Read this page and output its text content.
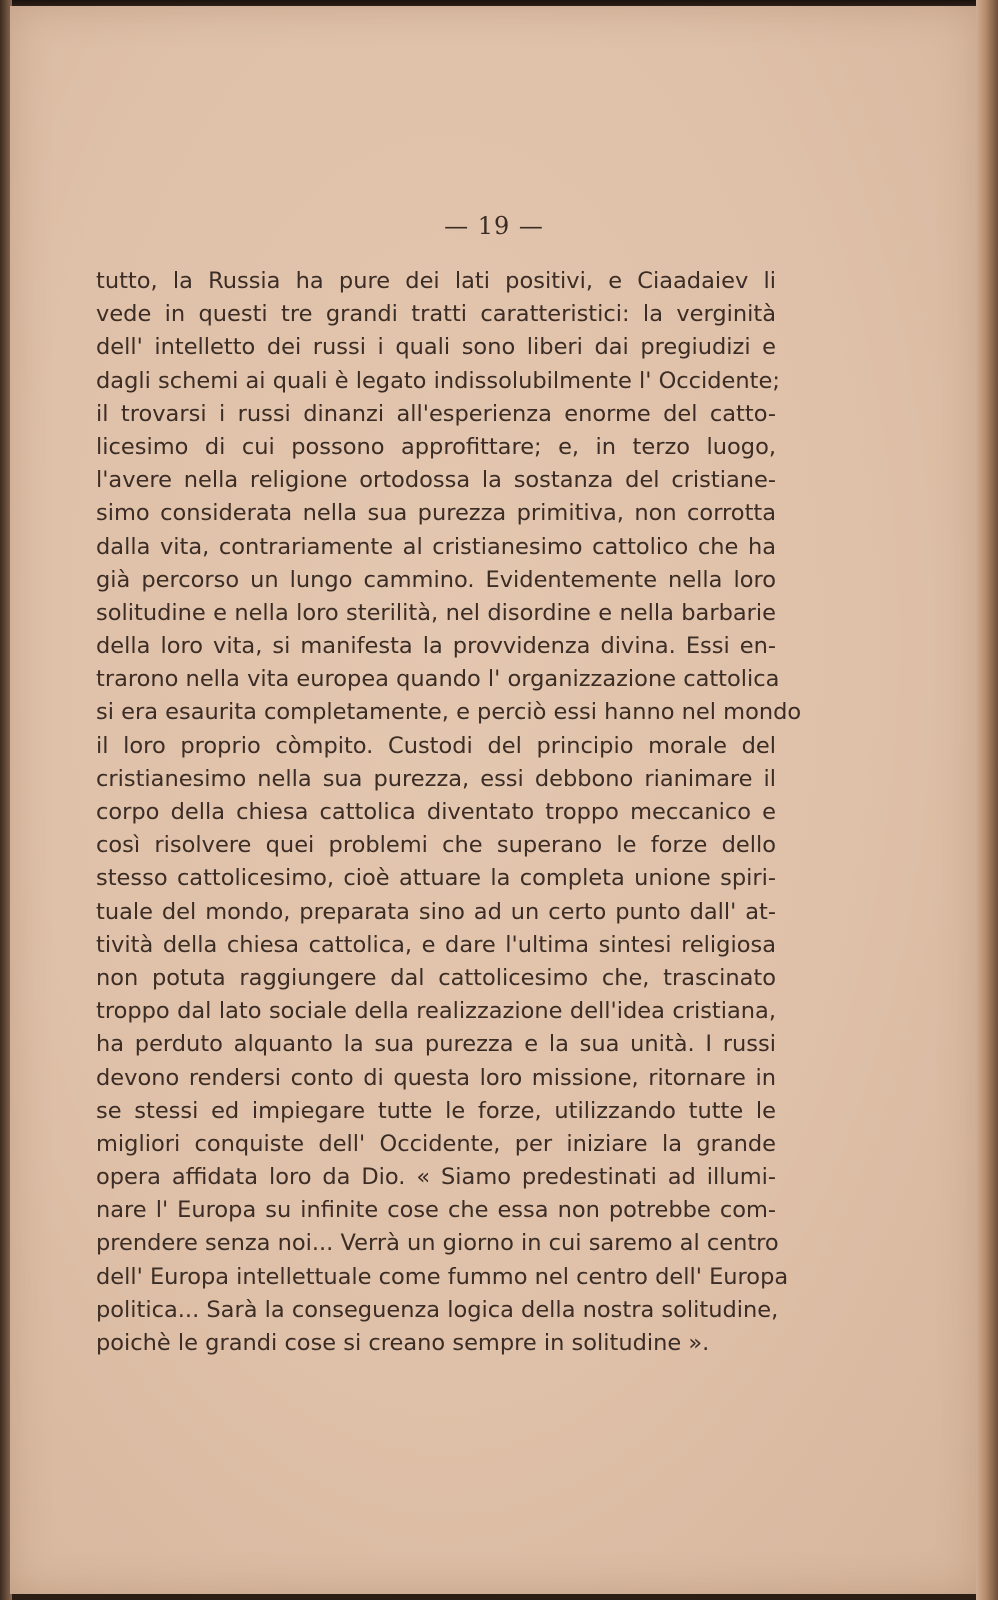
— 19 —
tutto, la Russia ha pure dei lati positivi, e Ciaadaiev li
vede in questi tre grandi tratti caratteristici: la verginità
dell' intelletto dei russi i quali sono liberi dai pregiudizi e
dagli schemi ai quali è legato indissolubilmente l' Occidente;
il trovarsi i russi dinanzi all'esperienza enorme del catto-
licesimo di cui possono approfittare; e, in terzo luogo,
l'avere nella religione ortodossa la sostanza del cristiane-
simo considerata nella sua purezza primitiva, non corrotta
dalla vita, contrariamente al cristianesimo cattolico che ha
già percorso un lungo cammino. Evidentemente nella loro
solitudine e nella loro sterilità, nel disordine e nella barbarie
della loro vita, si manifesta la provvidenza divina. Essi en-
trarono nella vita europea quando l' organizzazione cattolica
si era esaurita completamente, e perciò essi hanno nel mondo
il loro proprio còmpito. Custodi del principio morale del
cristianesimo nella sua purezza, essi debbono rianimare il
corpo della chiesa cattolica diventato troppo meccanico e
così risolvere quei problemi che superano le forze dello
stesso cattolicesimo, cioè attuare la completa unione spiri-
tuale del mondo, preparata sino ad un certo punto dall' at-
tività della chiesa cattolica, e dare l'ultima sintesi religiosa
non potuta raggiungere dal cattolicesimo che, trascinato
troppo dal lato sociale della realizzazione dell'idea cristiana,
ha perduto alquanto la sua purezza e la sua unità. I russi
devono rendersi conto di questa loro missione, ritornare in
se stessi ed impiegare tutte le forze, utilizzando tutte le
migliori conquiste dell' Occidente, per iniziare la grande
opera affidata loro da Dio. « Siamo predestinati ad illumi-
nare l' Europa su infinite cose che essa non potrebbe com-
prendere senza noi... Verrà un giorno in cui saremo al centro
dell' Europa intellettuale come fummo nel centro dell' Europa
politica... Sarà la conseguenza logica della nostra solitudine,
poichè le grandi cose si creano sempre in solitudine ».
